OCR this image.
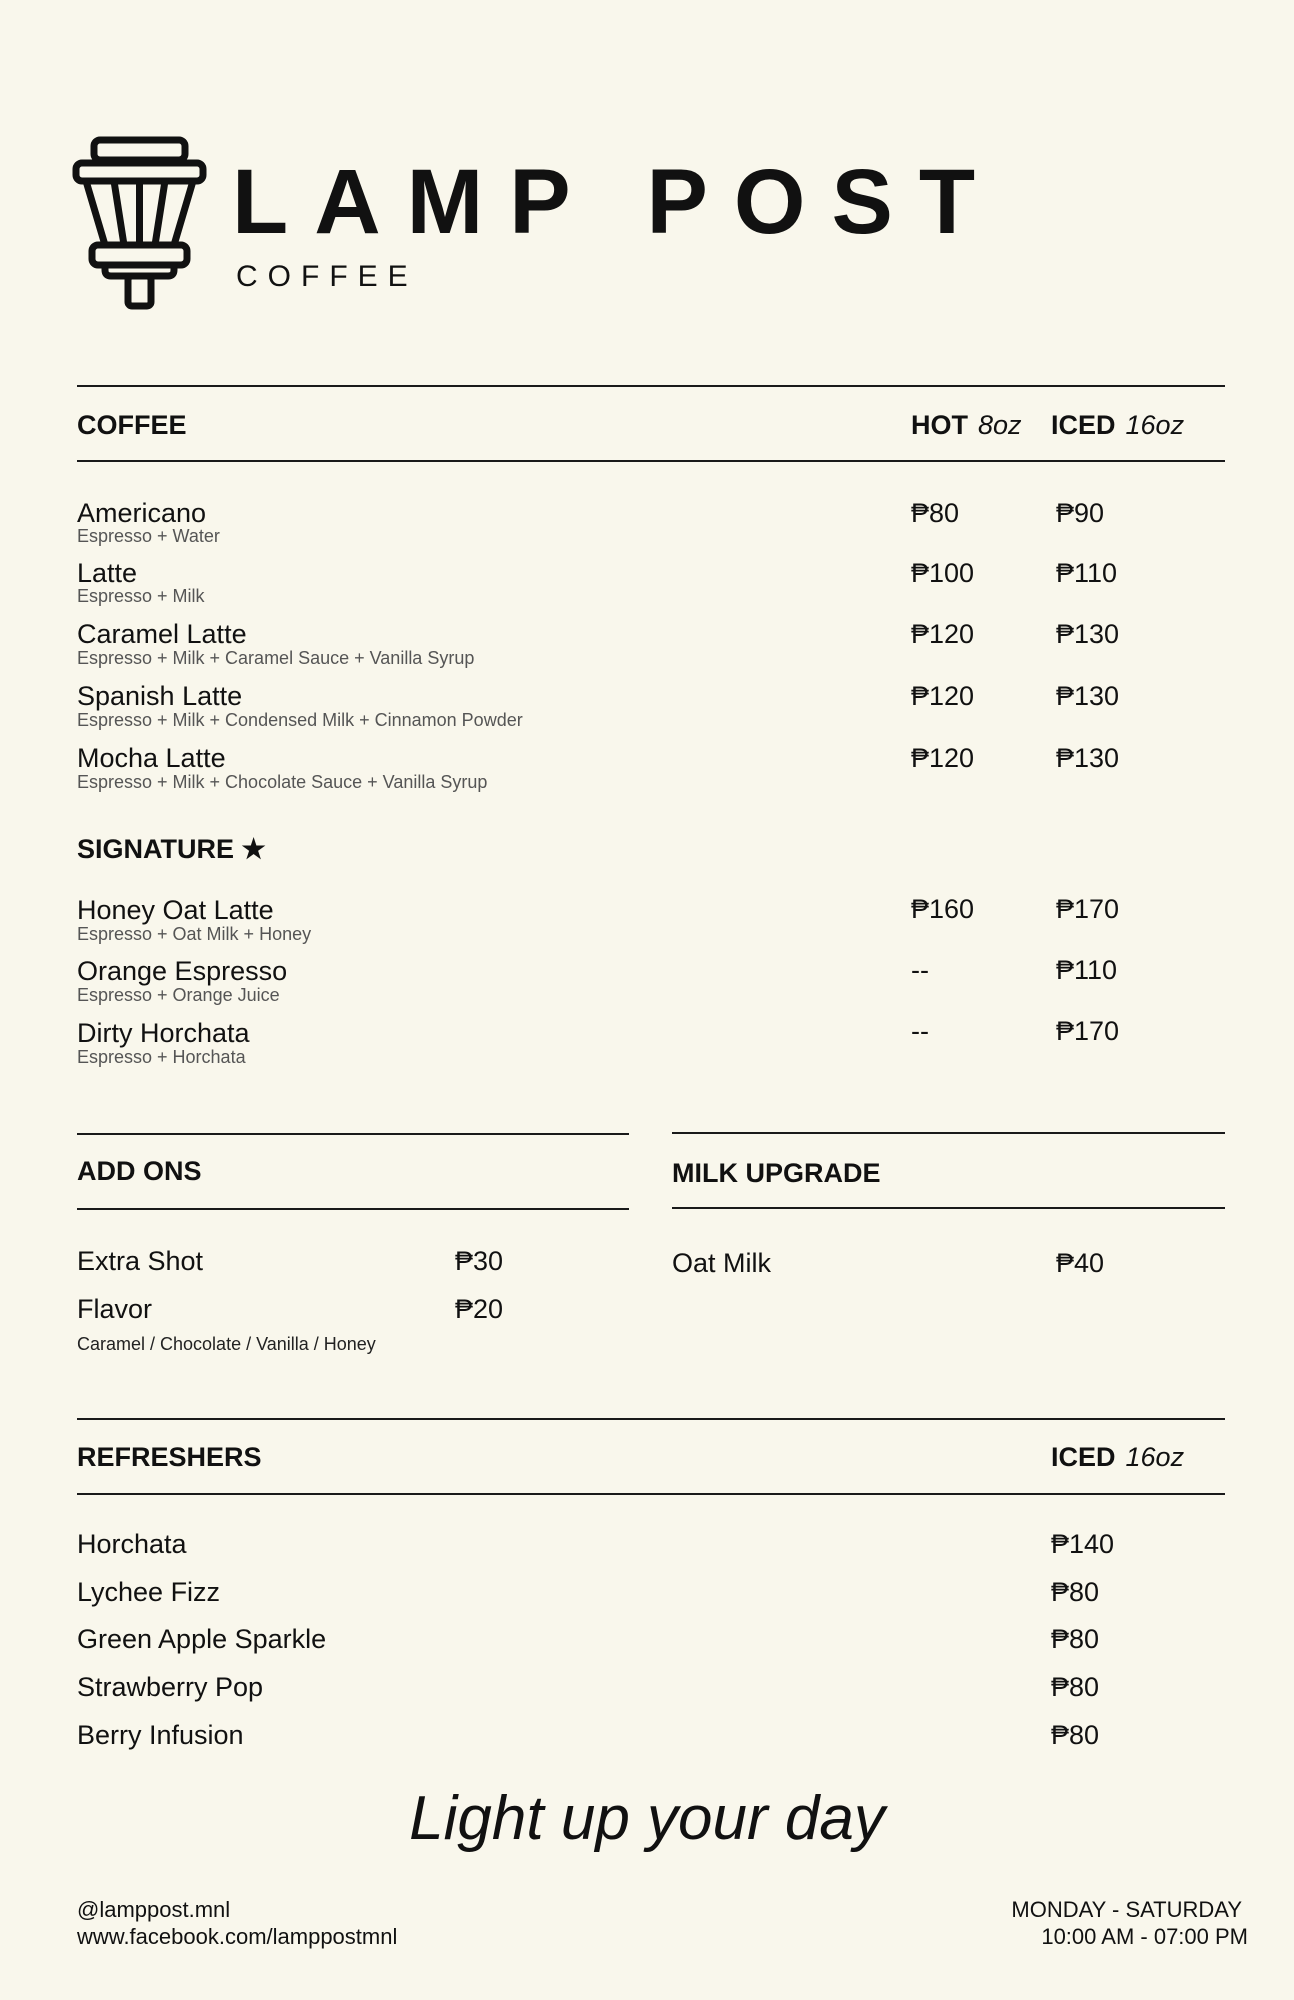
LAMP POST
COFFEE
COFFEE	HOT 8oz ICED 16oz
Americano
Espresso + Water
₱80	₱90
Latte
Espresso + Milk
₱100	₱110
Caramel Latte
Espresso + Milk + Caramel Sauce + Vanilla Syrup
₱120	₱130
Spanish Latte
Espresso + Milk + Condensed Milk + Cinnamon Powder
₱120	₱130
Mocha Latte
Espresso + Milk + Chocolate Sauce + Vanilla Syrup
₱120	₱130
SIGNATURE ★
Honey Oat Latte
Espresso + Oat Milk + Honey
₱160	₱170
Orange Espresso
Espresso + Orange Juice
--	₱110
Dirty Horchata
Espresso + Horchata
--	₱170
ADD ONS
Extra Shot	₱30
Flavor	₱20
Caramel / Chocolate / Vanilla / Honey
MILK UPGRADE
Oat Milk	₱40
REFRESHERS	ICED 16oz
Horchata	₱140
Lychee Fizz	₱80
Green Apple Sparkle	₱80
Strawberry Pop	₱80
Berry Infusion	₱80
Light up your day
@lamppost.mnl
www.facebook.com/lamppostmnl
MONDAY - SATURDAY
10:00 AM - 07:00 PM
